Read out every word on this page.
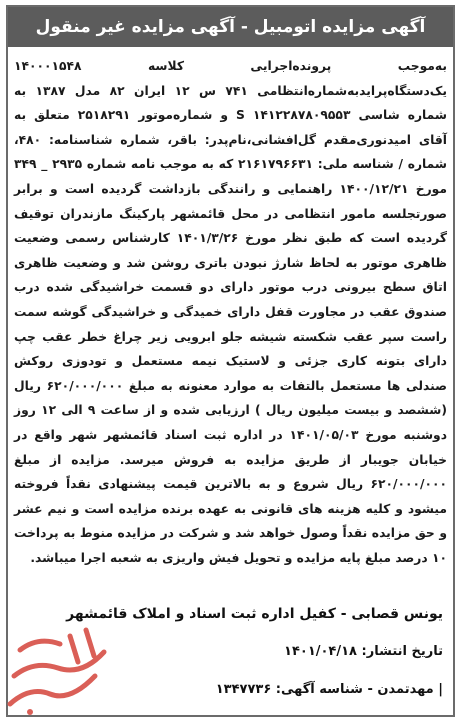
آگهی مزایده اتومبیل - آگهی مزایده غیر منقول

به‌موجب پرونده‌اجرایی کلاسه ۱۴۰۰۰۱۵۴۸ یک‌دستگاه‌پراید‌به‌شماره‌انتظامی ۷۴۱ س ۱۲ ایران ۸۲ مدل ۱۳۸۷ به شماره شاسی ۱۴۱۲۲۸۷۸۰۹۵۵۳ S و شماره‌موتور ۲۵۱۸۲۹۱ متعلق به آقای امیدنوری‌مقدم گل‌افشانی،نام‌پدر: باقر، شماره شناسنامه: ۴۸۰، شماره / شناسه ملی: ۲۱۶۱۷۹۶۶۳۱ که به موجب نامه شماره ۲۹۳۵ _ ۳۴۹ مورخ ۱۴۰۰/۱۲/۲۱ راهنمایی و رانندگی بازداشت گردیده است و برابر صورتجلسه مامور انتظامی در محل قائمشهر پارکینگ مازندران توقیف گردیده است که طبق نظر مورخ ۱۴۰۱/۳/۲۶ کارشناس رسمی وضعیت ظاهری موتور به لحاظ شارژ نبودن باتری روشن شد و وضعیت ظاهری اتاق سطح بیرونی درب موتور دارای دو قسمت خراشیدگی شده درب صندوق عقب در مجاورت قفل دارای خمیدگی و خراشیدگی گوشه سمت راست سپر عقب شکسته شیشه جلو ابرویی زیر چراغ خطر عقب چپ دارای بتونه کاری جزئی و لاستیک نیمه مستعمل و تودوزی روکش صندلی ها مستعمل بالتفات به موارد معنونه به مبلغ ۶۲۰/۰۰۰/۰۰۰ ریال (ششصد و بیست میلیون ریال ) ارزیابی شده و از ساعت ۹ الی ۱۲ روز دوشنبه مورخ ۱۴۰۱/۰۵/۰۳ در اداره ثبت اسناد قائمشهر شهر واقع در خیابان جویبار از طریق مزایده به فروش میرسد. مزایده از مبلغ ۶۲۰/۰۰۰/۰۰۰ ریال شروع و به بالاترین قیمت پیشنهادی نقداً فروخته میشود و کلیه هزینه های قانونی به عهده برنده مزایده است و نیم عشر و حق مزایده نقداً وصول خواهد شد و شرکت در مزایده منوط به پرداخت ۱۰ درصد مبلغ پایه مزایده و تحویل فیش واریزی به شعبه اجرا میباشد.

یونس قصابی - کفیل اداره ثبت اسناد و املاک قائمشهر
تاریخ انتشار: ۱۴۰۱/۰۴/۱۸
| مهدتمدن - شناسه آگهی: ۱۳۴۷۷۳۶
